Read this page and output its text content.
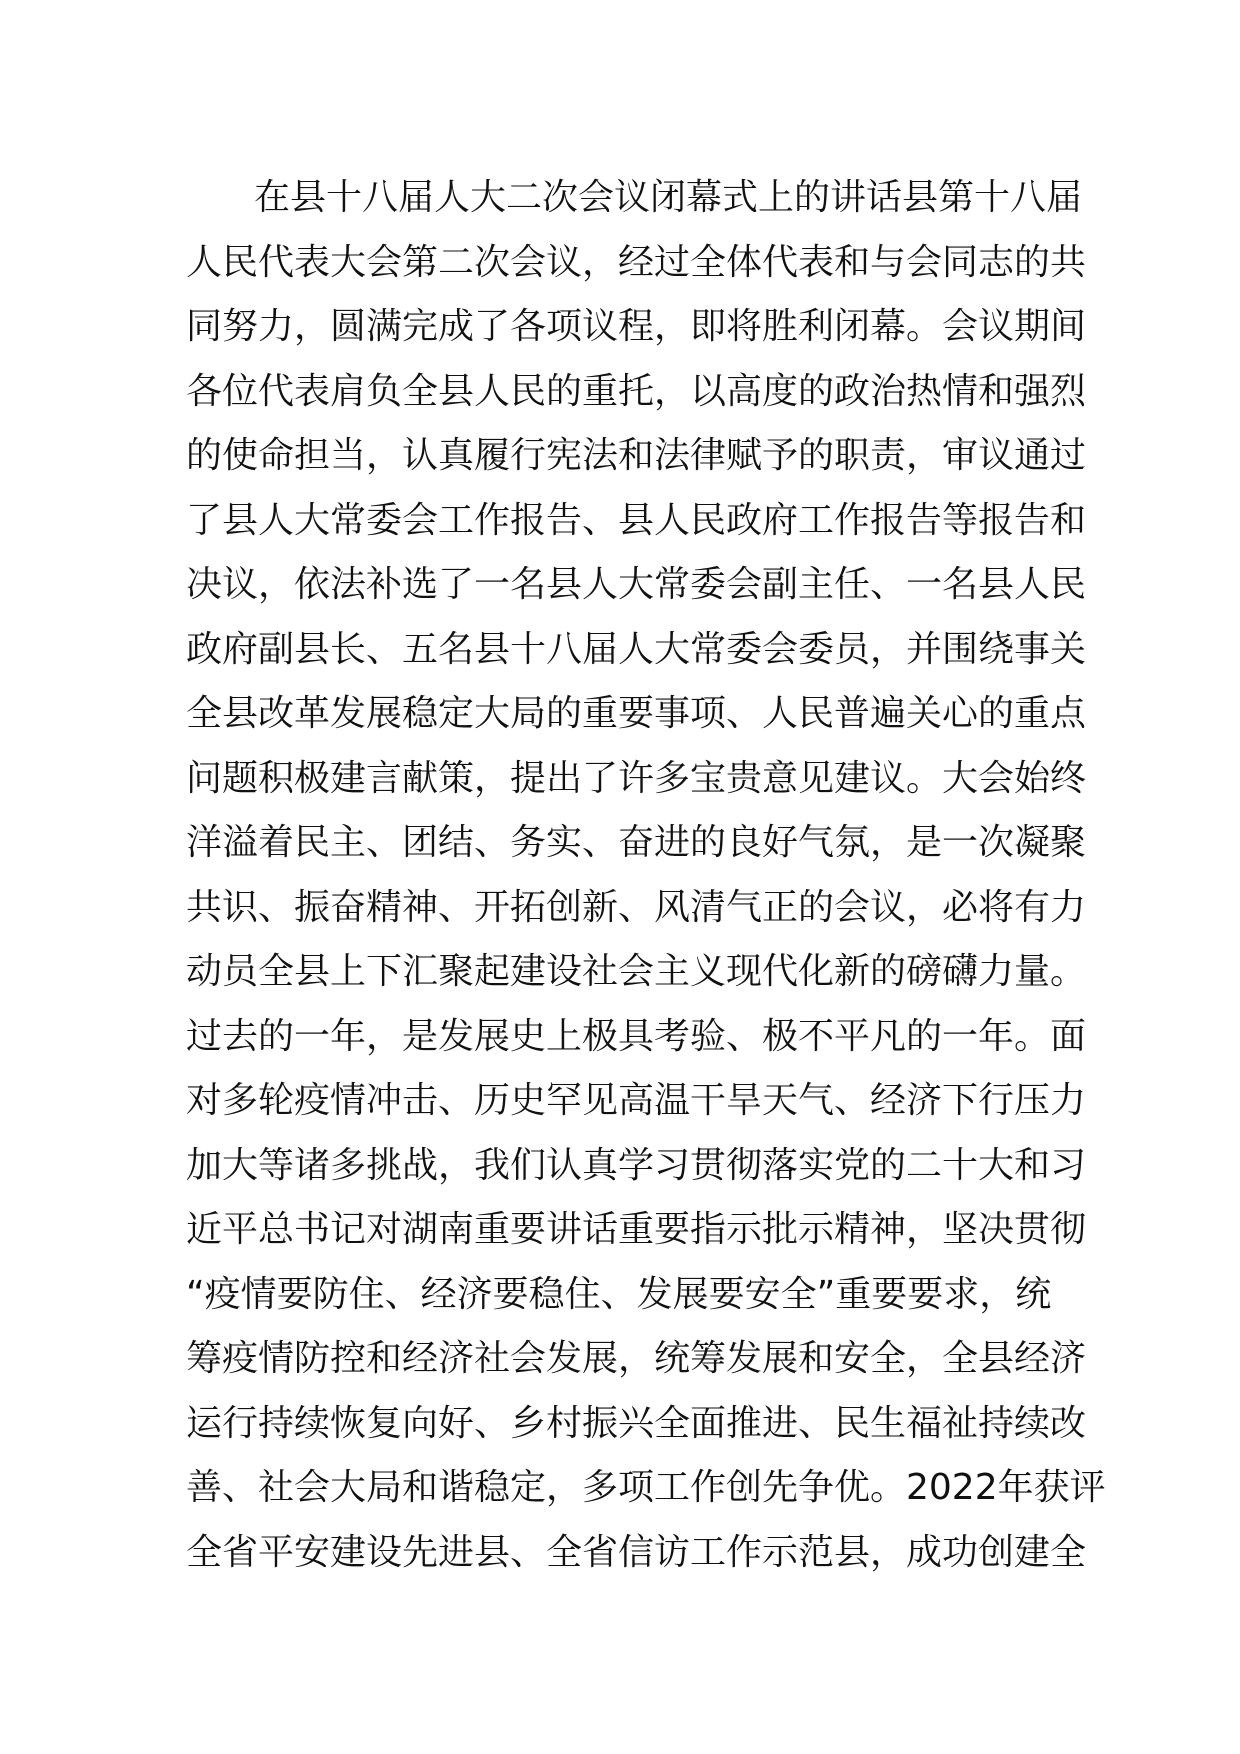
在县十八届人大二次会议闭幕式上的讲话县第十八届
人民代表大会第二次会议，经过全体代表和与会同志的共
同努力，圆满完成了各项议程，即将胜利闭幕。会议期间
各位代表肩负全县人民的重托，以高度的政治热情和强烈
的使命担当，认真履行宪法和法律赋予的职责，审议通过
了县人大常委会工作报告、县人民政府工作报告等报告和
决议，依法补选了一名县人大常委会副主任、一名县人民
政府副县长、五名县十八届人大常委会委员，并围绕事关
全县改革发展稳定大局的重要事项、人民普遍关心的重点
问题积极建言献策，提出了许多宝贵意见建议。大会始终
洋溢着民主、团结、务实、奋进的良好气氛，是一次凝聚
共识、振奋精神、开拓创新、风清气正的会议，必将有力
动员全县上下汇聚起建设社会主义现代化新的磅礴力量。
过去的一年，是发展史上极具考验、极不平凡的一年。面
对多轮疫情冲击、历史罕见高温干旱天气、经济下行压力
加大等诸多挑战，我们认真学习贯彻落实党的二十大和习
近平总书记对湖南重要讲话重要指示批示精神，坚决贯彻
“疫情要防住、经济要稳住、发展要安全”重要要求，统
筹疫情防控和经济社会发展，统筹发展和安全，全县经济
运行持续恢复向好、乡村振兴全面推进、民生福祉持续改
善、社会大局和谐稳定，多项工作创先争优。2022年获评
全省平安建设先进县、全省信访工作示范县，成功创建全
